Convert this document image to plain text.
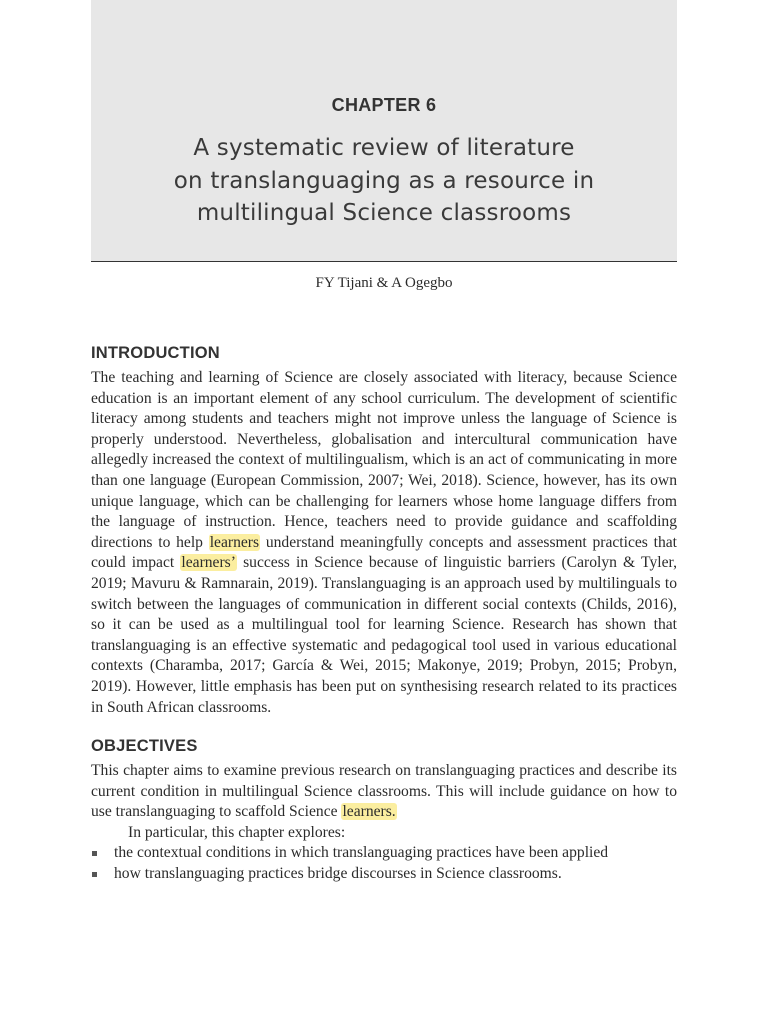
CHAPTER 6
A systematic review of literature
on translanguaging as a resource in
multilingual Science classrooms
FY Tijani & A Ogegbo
INTRODUCTION

The teaching and learning of Science are closely associated with literacy, because Science education is an important element of any school curriculum. The development of scientific literacy among students and teachers might not improve unless the language of Science is properly understood. Nevertheless, globalisation and intercultural communication have allegedly increased the context of multilingualism, which is an act of communicating in more than one language (European Commission, 2007; Wei, 2018). Science, however, has its own unique language, which can be challenging for learners whose home language differs from the language of instruction. Hence, teachers need to provide guidance and scaffolding directions to help learners understand meaningfully concepts and assessment practices that could impact learners’ success in Science because of linguistic barriers (Carolyn & Tyler, 2019; Mavuru & Ramnarain, 2019). Translanguaging is an approach used by multilinguals to switch between the languages of communication in different social contexts (Childs, 2016), so it can be used as a multilingual tool for learning Science. Research has shown that translanguaging is an effective systematic and pedagogical tool used in various educational contexts (Charamba, 2017; García & Wei, 2015; Makonye, 2019; Probyn, 2015; Probyn, 2019). However, little emphasis has been put on synthesising research related to its practices in South African classrooms.

OBJECTIVES

This chapter aims to examine previous research on translanguaging practices and describe its current condition in multilingual Science classrooms. This will include guidance on how to use translanguaging to scaffold Science learners.

In particular, this chapter explores:

the contextual conditions in which translanguaging practices have been applied
how translanguaging practices bridge discourses in Science classrooms.
